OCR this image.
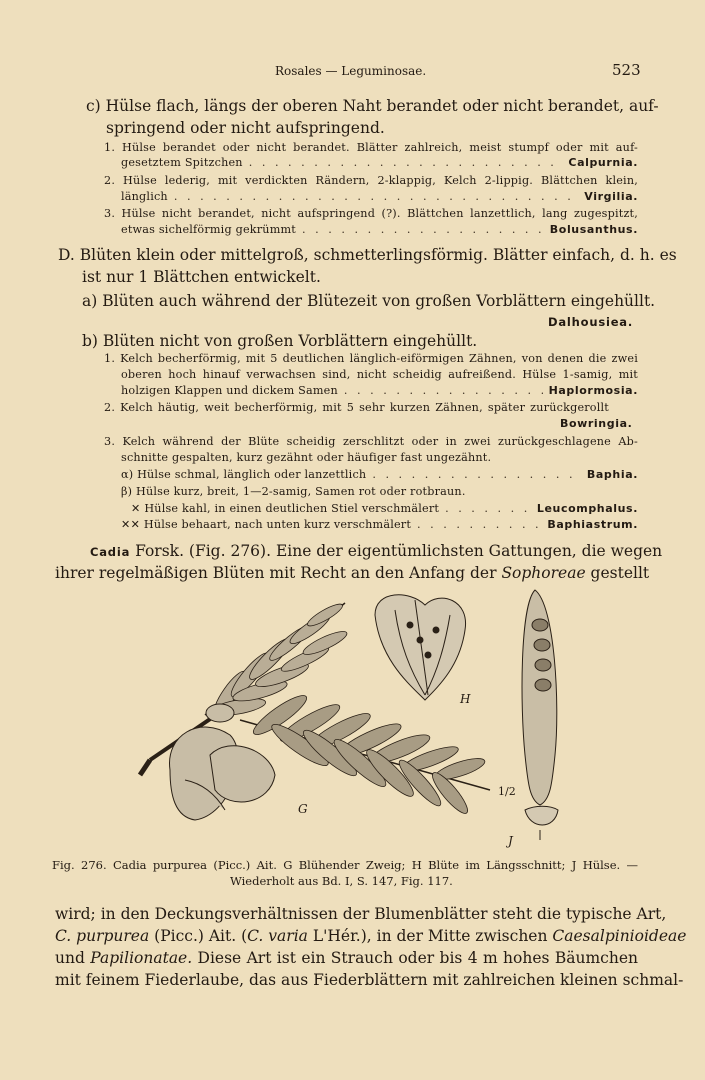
Rosales — Leguminosae.	523
c) Hülse flach, längs der oberen Naht berandet oder nicht berandet, auf-
springend oder nicht aufspringend.
1. Hülse berandet oder nicht berandet. Blätter zahlreich, meist stumpf oder mit auf-
gesetztem Spitzchen . . .	Calpurnia.
2. Hülse lederig, mit verdickten Rändern, 2-klappig, Kelch 2-lippig. Blättchen klein,
länglich . . .	Virgilia.
3. Hülse nicht berandet, nicht aufspringend (?). Blättchen lanzettlich, lang zugespitzt,
etwas sichelförmig gekrümmt . . .	Bolusanthus.
D. Blüten klein oder mittelgroß, schmetterlingsförmig. Blätter einfach, d. h. es
ist nur 1 Blättchen entwickelt.
a) Blüten auch während der Blütezeit von großen Vorblättern eingehüllt.
Dalhousiea.
b) Blüten nicht von großen Vorblättern eingehüllt.
1. Kelch becherförmig, mit 5 deutlichen länglich-eiförmigen Zähnen, von denen die zwei
oberen hoch hinauf verwachsen sind, nicht scheidig aufreißend. Hülse 1-samig, mit
holzigen Klappen und dickem Samen . . .	Haplormosia.
2. Kelch häutig, weit becherförmig, mit 5 sehr kurzen Zähnen, später zurückgerollt
Bowringia.
3. Kelch während der Blüte scheidig zerschlitzt oder in zwei zurückgeschlagene Ab-
schnitte gespalten, kurz gezähnt oder häufiger fast ungezähnt.
α) Hülse schmal, länglich oder lanzettlich . . .	Baphia.
β) Hülse kurz, breit, 1—2-samig, Samen rot oder rotbraun.
✕ Hülse kahl, in einen deutlichen Stiel verschmälert . . .	Leucomphalus.
✕✕ Hülse behaart, nach unten kurz verschmälert . . .	Baphiastrum.
Cadia Forsk. (Fig. 276). Eine der eigentümlichsten Gattungen, die wegen
ihrer regelmäßigen Blüten mit Recht an den Anfang der Sophoreae gestellt
G
H
J
1/2
Fig. 276. Cadia purpurea (Picc.) Ait. G Blühender Zweig; H Blüte im Längsschnitt; J Hülse. —
Wiederholt aus Bd. I, S. 147, Fig. 117.
wird; in den Deckungsverhältnissen der Blumenblätter steht die typische Art,
C. purpurea (Picc.) Ait. (C. varia L'Hér.), in der Mitte zwischen Caesalpinioideae
und Papilionatae. Diese Art ist ein Strauch oder bis 4 m hohes Bäumchen
mit feinem Fiederlaube, das aus Fiederblättern mit zahlreichen kleinen schmal-
